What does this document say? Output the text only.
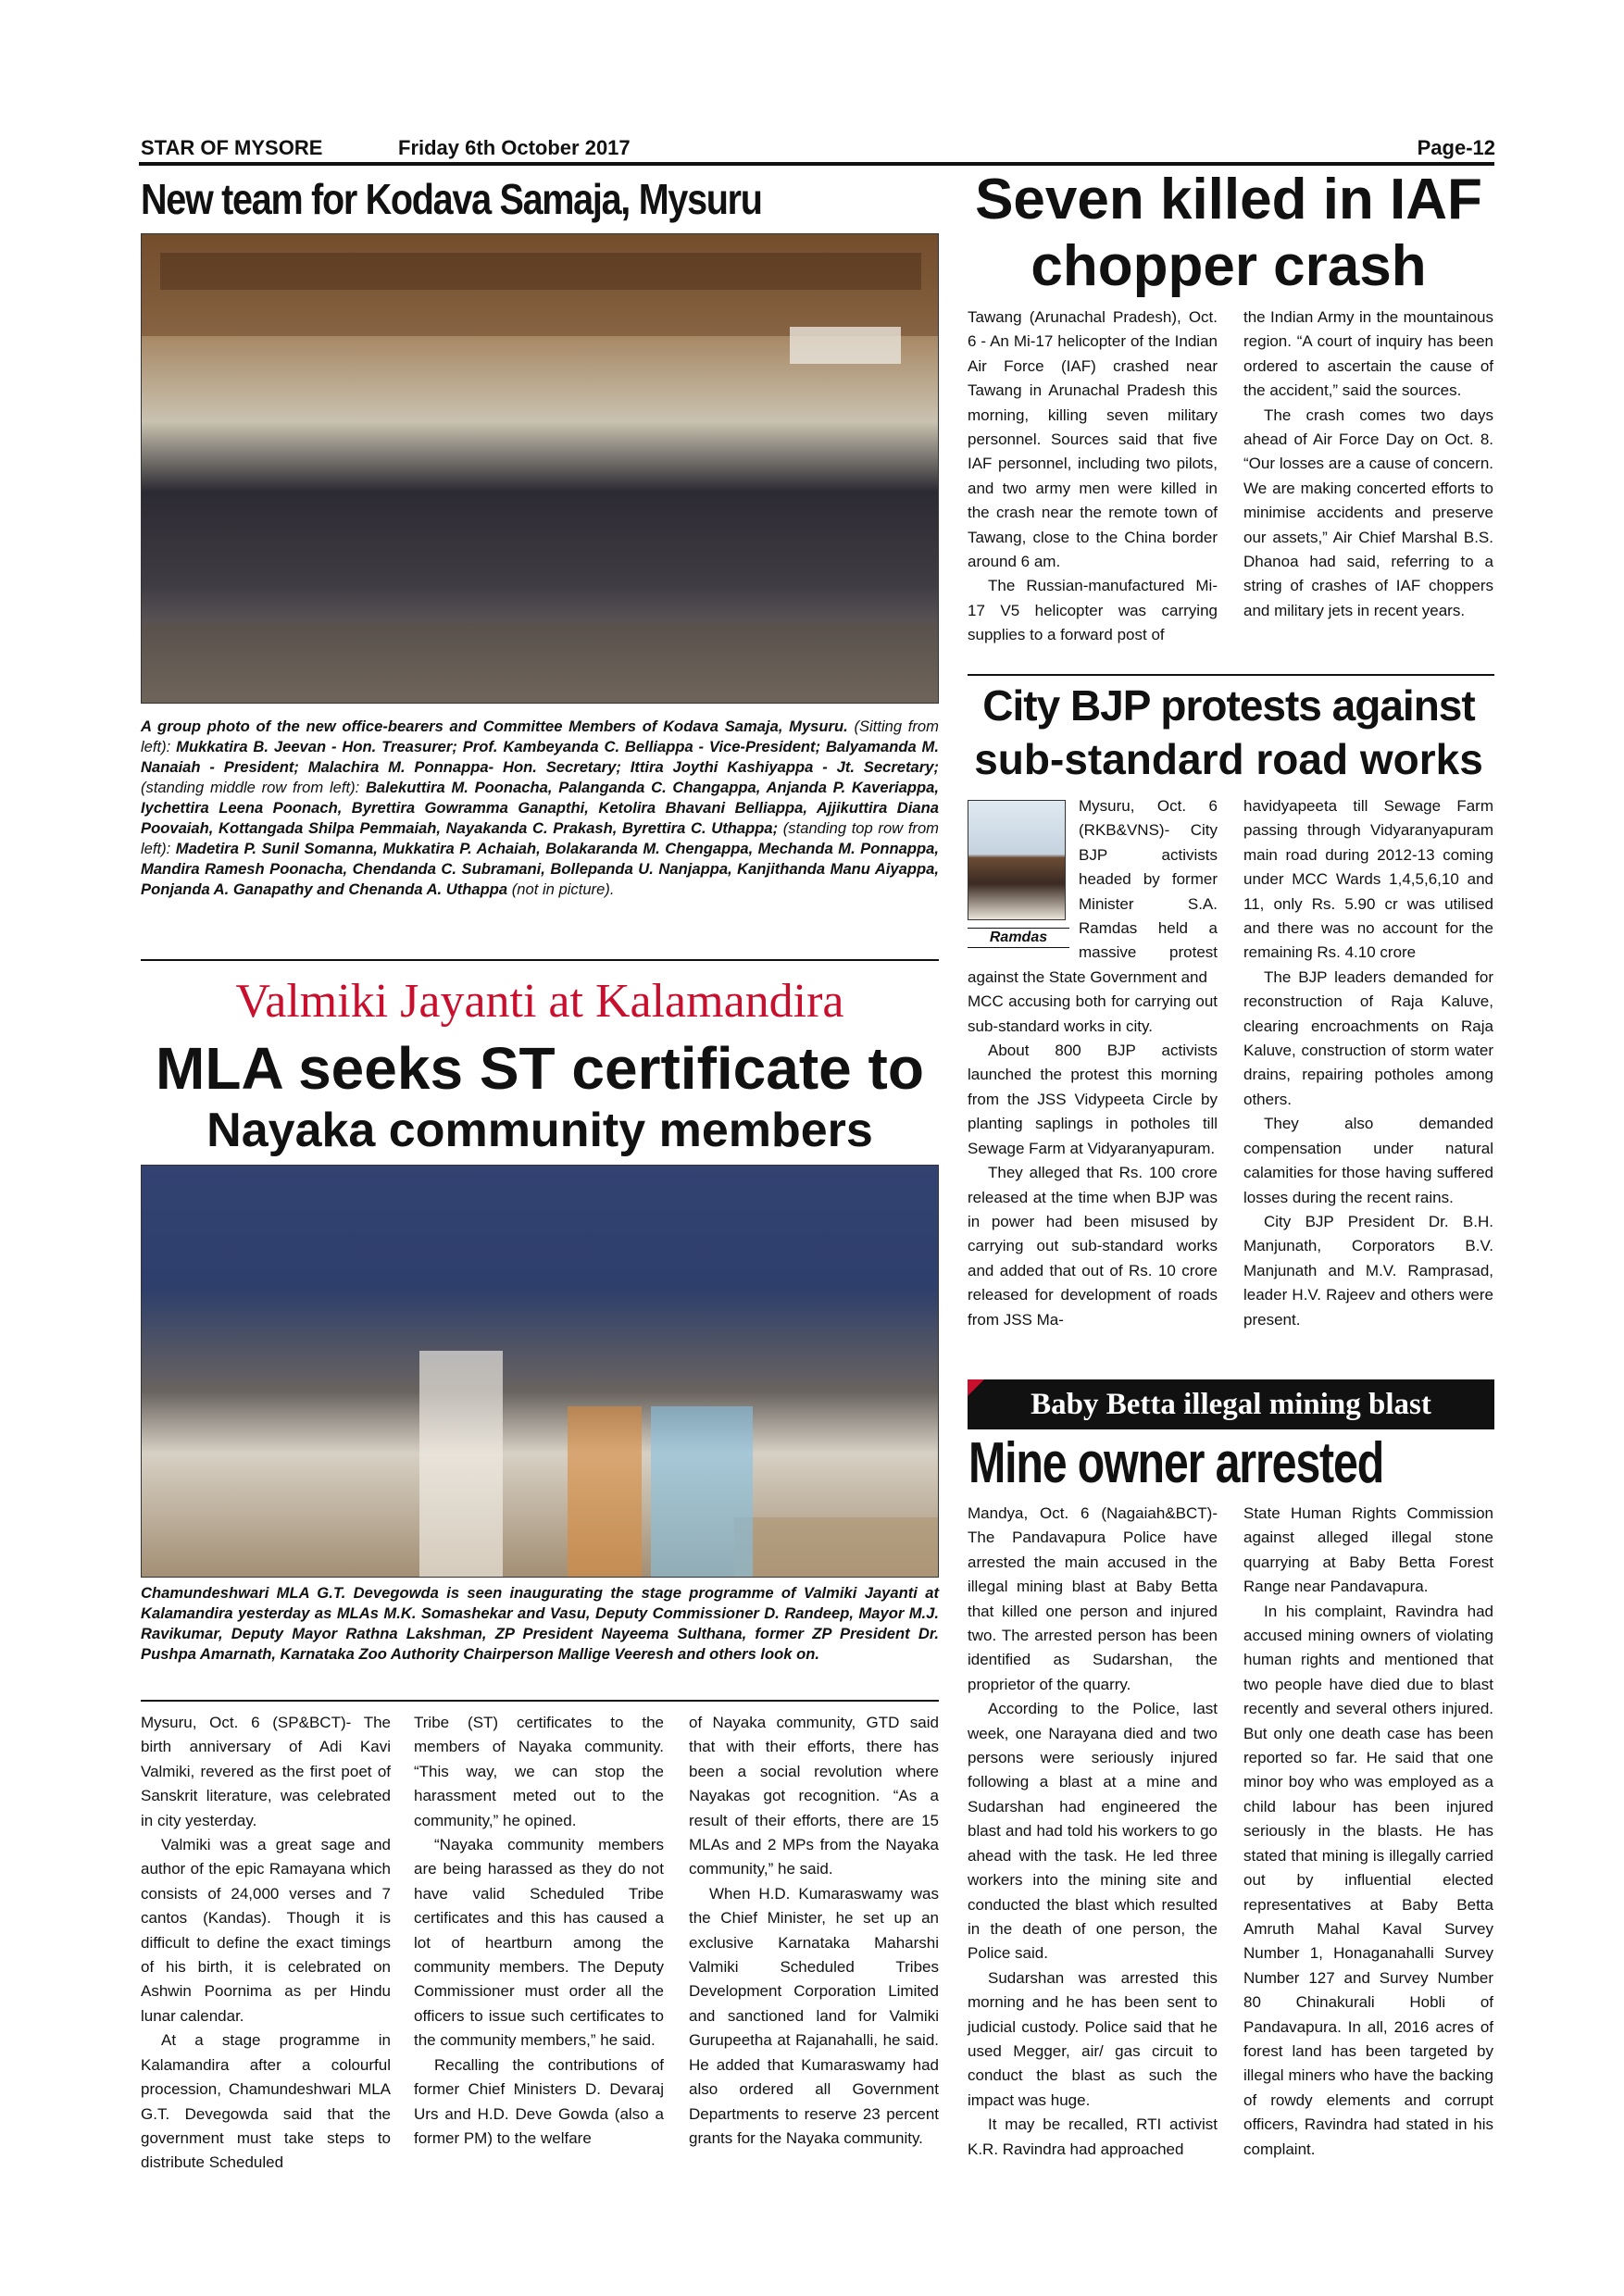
STAR OF MYSORE	Friday 6th October 2017	Page-12
New team for Kodava Samaja, Mysuru
A group photo of the new office-bearers and Committee Members of Kodava Samaja, Mysuru. (Sitting from left): Mukkatira B. Jeevan - Hon. Treasurer; Prof. Kambeyanda C. Belliappa - Vice-President; Balyamanda M. Nanaiah - President; Malachira M. Ponnappa- Hon. Secretary; Ittira Joythi Kashiyappa - Jt. Secretary; (standing middle row from left): Balekuttira M. Poonacha, Palanganda C. Changappa, Anjanda P. Kaveriappa, Iychettira Leena Poonach, Byrettira Gowramma Ganapthi, Ketolira Bhavani Belliappa, Ajjikuttira Diana Poovaiah, Kottangada Shilpa Pemmaiah, Nayakanda C. Prakash, Byrettira C. Uthappa; (standing top row from left): Madetira P. Sunil Somanna, Mukkatira P. Achaiah, Bolakaranda M. Chengappa, Mechanda M. Ponnappa, Mandira Ramesh Poonacha, Chendanda C. Subramani, Bollepanda U. Nanjappa, Kanjithanda Manu Aiyappa, Ponjanda A. Ganapathy and Chenanda A. Uthappa (not in picture).
Valmiki Jayanti at Kalamandira
MLA seeks ST certificate to
Nayaka community members
Chamundeshwari MLA G.T. Devegowda is seen inaugurating the stage programme of Valmiki Jayanti at Kalamandira yesterday as MLAs M.K. Somashekar and Vasu, Deputy Commissioner D. Randeep, Mayor M.J. Ravikumar, Deputy Mayor Rathna Lakshman, ZP President Nayeema Sulthana, former ZP President Dr. Pushpa Amarnath, Karnataka Zoo Authority Chairperson Mallige Veeresh and others look on.

Mysuru, Oct. 6 (SP&BCT)- The birth anniversary of Adi Kavi Valmiki, revered as the first poet of Sanskrit literature, was celebrated in city yesterday.

Valmiki was a great sage and author of the epic Ramayana which consists of 24,000 verses and 7 cantos (Kandas). Though it is difficult to define the exact timings of his birth, it is celebrated on Ashwin Poornima as per Hindu lunar calendar.

At a stage programme in Kalamandira after a colourful procession, Chamundeshwari MLA G.T. Devegowda said that the government must take steps to distribute Scheduled

Tribe (ST) certificates to the members of Nayaka community. “This way, we can stop the harassment meted out to the community,” he opined.

“Nayaka community members are being harassed as they do not have valid Scheduled Tribe certificates and this has caused a lot of heartburn among the community members. The Deputy Commissioner must order all the officers to issue such certificates to the community members,” he said.

Recalling the contributions of former Chief Ministers D. Devaraj Urs and H.D. Deve Gowda (also a former PM) to the welfare

of Nayaka community, GTD said that with their efforts, there has been a social revolution where Nayakas got recognition. “As a result of their efforts, there are 15 MLAs and 2 MPs from the Nayaka community,” he said.

When H.D. Kumaraswamy was the Chief Minister, he set up an exclusive Karnataka Maharshi Valmiki Scheduled Tribes Development Corporation Limited and sanctioned land for Valmiki Gurupeetha at Rajanahalli, he said. He added that Kumaraswamy had also ordered all Government Departments to reserve 23 percent grants for the Nayaka community.

Seven killed in IAF
chopper crash

Tawang (Arunachal Pradesh), Oct. 6 - An Mi-17 helicopter of the Indian Air Force (IAF) crashed near Tawang in Arunachal Pradesh this morning, killing seven military personnel. Sources said that five IAF personnel, including two pilots, and two army men were killed in the crash near the remote town of Tawang, close to the China border around 6 am.

The Russian-manufactured Mi-17 V5 helicopter was carrying supplies to a forward post of

the Indian Army in the mountainous region. “A court of inquiry has been ordered to ascertain the cause of the accident,” said the sources.

The crash comes two days ahead of Air Force Day on Oct. 8. “Our losses are a cause of concern. We are making concerted efforts to minimise accidents and preserve our assets,” Air Chief Marshal B.S. Dhanoa had said, referring to a string of crashes of IAF choppers and military jets in recent years.

City BJP protests against
sub-standard road works
Ramdas

Mysuru, Oct. 6 (RKB&VNS)- City BJP activists headed by former Minister S.A. Ramdas held a massive protest against the State Government and

MCC accusing both for carrying out sub-standard works in city.

About 800 BJP activists launched the protest this morning from the JSS Vidypeeta Circle by planting saplings in potholes till Sewage Farm at Vidyaranyapuram.

They alleged that Rs. 100 crore released at the time when BJP was in power had been misused by carrying out sub-standard works and added that out of Rs. 10 crore released for development of roads from JSS Ma-

havidyapeeta till Sewage Farm passing through Vidyaranyapuram main road during 2012-13 coming under MCC Wards 1,4,5,6,10 and 11, only Rs. 5.90 cr was utilised and there was no account for the remaining Rs. 4.10 crore

The BJP leaders demanded for reconstruction of Raja Kaluve, clearing encroachments on Raja Kaluve, construction of storm water drains, repairing potholes among others.

They also demanded compensation under natural calamities for those having suffered losses during the recent rains.

City BJP President Dr. B.H. Manjunath, Corporators B.V. Manjunath and M.V. Ramprasad, leader H.V. Rajeev and others were present.

Baby Betta illegal mining blast
Mine owner arrested

Mandya, Oct. 6 (Nagaiah&BCT)- The Pandavapura Police have arrested the main accused in the illegal mining blast at Baby Betta that killed one person and injured two. The arrested person has been identified as Sudarshan, the proprietor of the quarry.

According to the Police, last week, one Narayana died and two persons were seriously injured following a blast at a mine and Sudarshan had engineered the blast and had told his workers to go ahead with the task. He led three workers into the mining site and conducted the blast which resulted in the death of one person, the Police said.

Sudarshan was arrested this morning and he has been sent to judicial custody. Police said that he used Megger, air/ gas circuit to conduct the blast as such the impact was huge.

It may be recalled, RTI activist K.R. Ravindra had approached

State Human Rights Commission against alleged illegal stone quarrying at Baby Betta Forest Range near Pandavapura.

In his complaint, Ravindra had accused mining owners of violating human rights and mentioned that two people have died due to blast recently and several others injured. But only one death case has been reported so far. He said that one minor boy who was employed as a child labour has been injured seriously in the blasts. He has stated that mining is illegally carried out by influential elected representatives at Baby Betta Amruth Mahal Kaval Survey Number 1, Honaganahalli Survey Number 127 and Survey Number 80 Chinakurali Hobli of Pandavapura. In all, 2016 acres of forest land has been targeted by illegal miners who have the backing of rowdy elements and corrupt officers, Ravindra had stated in his complaint.
